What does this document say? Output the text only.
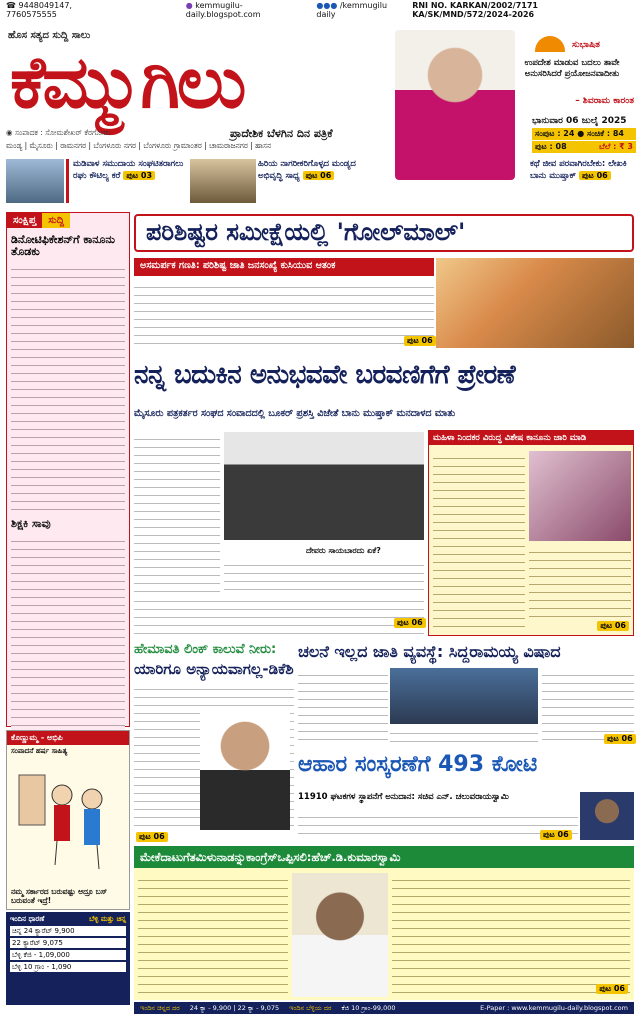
☎ 9448049147, 7760575555
● kemmugilu-daily.blogspot.com
●●● /kemmugilu daily
RNI NO. KARKAN/2002/7171 KA/SK/MND/572/2024-2026
ಹೊಸ ಸತ್ಯದ ಸುದ್ದಿ ಸಾಲು
ಕೆಮ್ಮುಗಿಲು
ಪ್ರಾದೇಶಿಕ ಬೆಳಗಿನ ದಿನ ಪತ್ರಿಕೆ
◉ ಸಂಪಾದಕ : ಸೋಮಶೇಖರ್ ಕೆರಗೋಡು
ಮಂಡ್ಯ | ಮೈಸೂರು | ರಾಮನಗರ | ಬೆಂಗಳೂರು ನಗರ | ಬೆಂಗಳೂರು ಗ್ರಾಮಾಂತರ | ಚಾಮರಾಜನಗರ | ಹಾಸನ
ಸುಭಾಷಿತ
ಉಪದೇಶ ಮಾಡುವ ಬದಲು ತಾವೇ ಅನುಸರಿಸಿದರೆ ಪ್ರಯೋಜನವಾದೀತು
– ಶಿವರಾಮ ಕಾರಂತ
ಭಾನುವಾರ 06 ಜುಲೈ 2025
ಸಂಪುಟ : 24 ● ಸಂಚಿಕೆ : 84
ಪುಟ : 08	ಬೆಲೆ : ₹ 3
ಮಡಿವಾಳ ಸಮುದಾಯ ಸಂಘಟಿತರಾಗಲು ರಘು ಕೌಟಿಲ್ಯ ಕರೆ ಪುಟ 03
ಹಿರಿಯ ನಾಗರೀಕರಿಗೊಳ್ಳದ ಮಂಡ್ಯದ ಅಭಿವೃದ್ಧಿ ಸಾಧ್ಯ ಪುಟ 06
ಕಥೆ ಜೀವ ಪರವಾಗಿರಬೇಕು: ಲೇಖಕಿ ಬಾನು ಮುಷ್ತಾಕ್ ಪುಟ 06
ಸಂಕ್ಷಿಪ್ತ	ಸುದ್ದಿ
ಡಿನೋಟಿಫಿಕೇಶನ್‌ಗೆ ಕಾನೂನು ತೊಡಕು
ಶಿಕ್ಷಕಿ ಸಾವು
ಕೊಣ್ಣುಮ್ಮ - ಅಭಿಪಿ
ಸಂಪಾದನೆ ಹರ್ಷ ಸಾಹಿತ್ಯ
ನಮ್ಮ ಸರ್ಕಾರದ ಬರುವಷ್ಟು ಆದ್ರೂ ಬಸ್ ಬರುವಂತೆ ಇದ್ರೆ!
ಇಂದಿನ ಧಾರಣೆ	ಬೆಳ್ಳಿ ಮತ್ತು ಚಿನ್ನ
ಚಿನ್ನ 24 ಕ್ಯಾರೆಟ್ 9,900
22 ಕ್ಯಾರೆಟ್ 9,075
ಬೆಳ್ಳಿ ಕೆಜಿ - 1,09,000
ಬೆಳ್ಳಿ 10 ಗ್ರಾಂ - 1,090
ಪರಿಶಿಷ್ಟರ ಸಮೀಕ್ಷೆಯಲ್ಲಿ 'ಗೋಲ್‌ಮಾಲ್'
ಅಸಮರ್ಪಕ ಗಣತಿ: ಪರಿಶಿಷ್ಟ ಜಾತಿ ಜನಸಂಖ್ಯೆ ಕುಸಿಯುವ ಆತಂಕ
ಪುಟ 06
ನನ್ನ ಬದುಕಿನ ಅನುಭವವೇ ಬರವಣಿಗೆಗೆ ಪ್ರೇರಣೆ
ಮೈಸೂರು ಪತ್ರಕರ್ತರ ಸಂಘದ ಸಂವಾದದಲ್ಲಿ ಬೂಕರ್ ಪ್ರಶಸ್ತಿ ವಿಜೇತೆ ಬಾನು ಮುಷ್ತಾಕ್ ಮನದಾಳದ ಮಾತು
ದೇವರು ಸಾಯಬಾರದು ಏಕೆ?
ಪುಟ 06
ಮಹಿಳಾ ನಿಂದಕರ ವಿರುದ್ಧ ವಿಶೇಷ ಕಾನೂನು ಜಾರಿ ಮಾಡಿ
ಪುಟ 06
ಹೇಮಾವತಿ ಲಿಂಕ್ ಕಾಲುವೆ ನೀರು:
ಯಾರಿಗೂ ಅನ್ಯಾಯವಾಗಲ್ಲ-ಡಿಕೆಶಿ
ಪುಟ 06
ಚಲನೆ ಇಲ್ಲದ ಜಾತಿ ವ್ಯವಸ್ಥೆ: ಸಿದ್ದರಾಮಯ್ಯ ವಿಷಾದ
ಪುಟ 06
ಆಹಾರ ಸಂಸ್ಕರಣೆಗೆ 493 ಕೋಟಿ
11910 ಘಟಕಗಳ ಸ್ಥಾಪನೆಗೆ ಅನುದಾನ: ಸಚಿವ ಎನ್. ಚಲುವರಾಯಸ್ವಾಮಿ
ಪುಟ 06
ಮೇಕೆದಾಟುಗೆತಮಿಳುನಾಡನ್ನುಕಾಂಗ್ರೆಸ್‌ಒಪ್ಪಿಸಲಿ:ಹೆಚ್.ಡಿ.ಕುಮಾರಸ್ವಾಮಿ
ಪುಟ 06
ಇಂದಿನ ಚಿನ್ನದ ದರ 24 ಕ್ಯಾ - 9,900 | 22 ಕ್ಯಾ - 9,075 ಇಂದಿನ ಬೆಳ್ಳಿಯ ದರ ಕೆಜಿ 10 ಗ್ರಾಂ-99,000	E-Paper : www.kemmugilu-daily.blogspot.com
